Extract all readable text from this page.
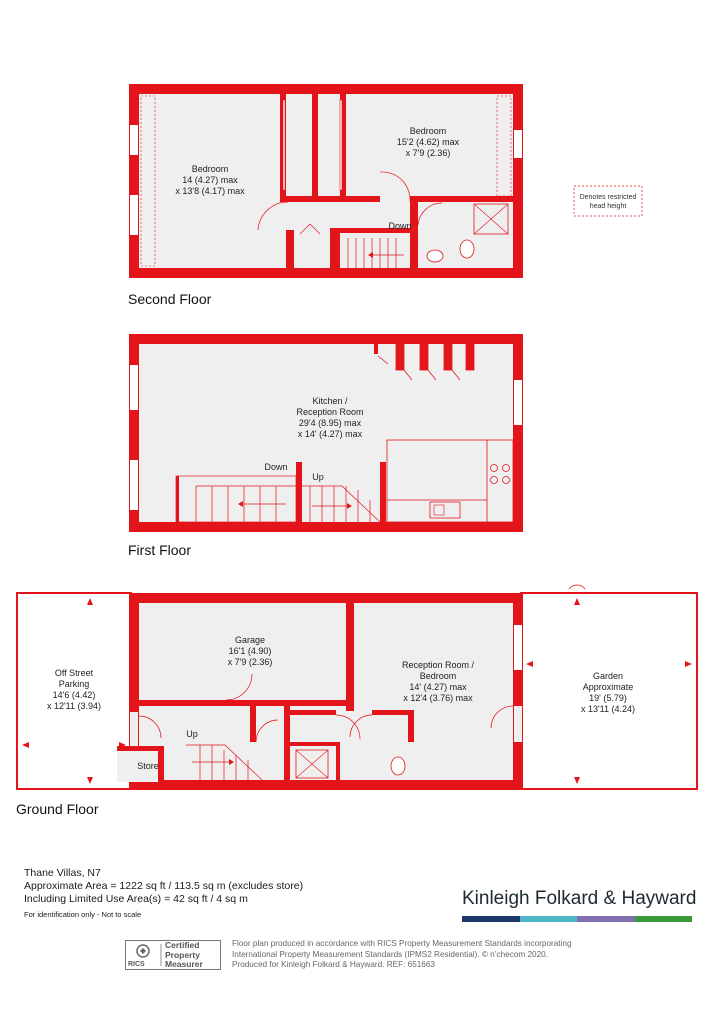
Bedroom
14 (4.27) max
x 13'8 (4.17) max
Bedroom
15'2 (4.62) max
x 7'9 (2.36)
Down
Second Floor
Denotes restricted
head height
Kitchen /
Reception Room
29'4 (8.95) max
x 14' (4.27) max
Down
Up
First Floor
Off Street
Parking
14'6 (4.42)
x 12'11 (3.94)
Garage
16'1 (4.90)
x 7'9 (2.36)	Reception Room /
Bedroom
14' (4.27) max
x 12'4 (3.76) max
Garden
Approximate
19' (5.79)
x 13'11 (4.24)
Store
Up
Ground Floor
Thane Villas, N7
Approximate Area = 1222 sq ft / 113.5 sq m (excludes store)
Including Limited Use Area(s) = 42 sq ft / 4 sq m
For identification only - Not to scale
Kinleigh Folkard & Hayward
Certified
Property
Measurer
RICS
Floor plan produced in accordance with RICS Property Measurement Standards incorporating
International Property Measurement Standards (IPMS2 Residential). © n’checom 2020.
Produced for Kinleigh Folkard & Hayward. REF: 651663
